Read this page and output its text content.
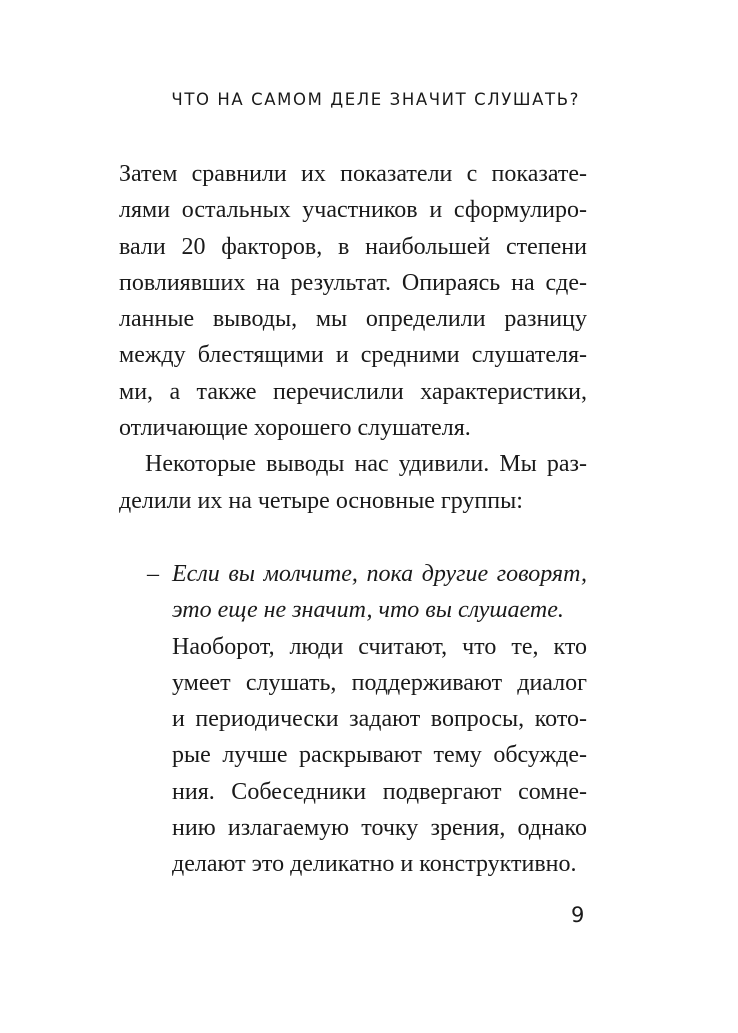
ЧТО НА САМОМ ДЕЛЕ ЗНАЧИТ СЛУШАТЬ?
Затем сравнили их показатели с показате-
лями остальных участников и сформулиро-
вали 20 факторов, в наибольшей степени
повлиявших на результат. Опираясь на сде-
ланные выводы, мы определили разницу
между блестящими и средними слушателя-
ми, а также перечислили характеристики,
отличающие хорошего слушателя.
Некоторые выводы нас удивили. Мы раз-
делили их на четыре основные группы:
– Если вы молчите, пока другие говорят,
это еще не значит, что вы слушаете.
Наоборот, люди считают, что те, кто
умеет слушать, поддерживают диалог
и периодически задают вопросы, кото-
рые лучше раскрывают тему обсужде-
ния. Собеседники подвергают сомне-
нию излагаемую точку зрения, однако
делают это деликатно и конструктивно.
9
